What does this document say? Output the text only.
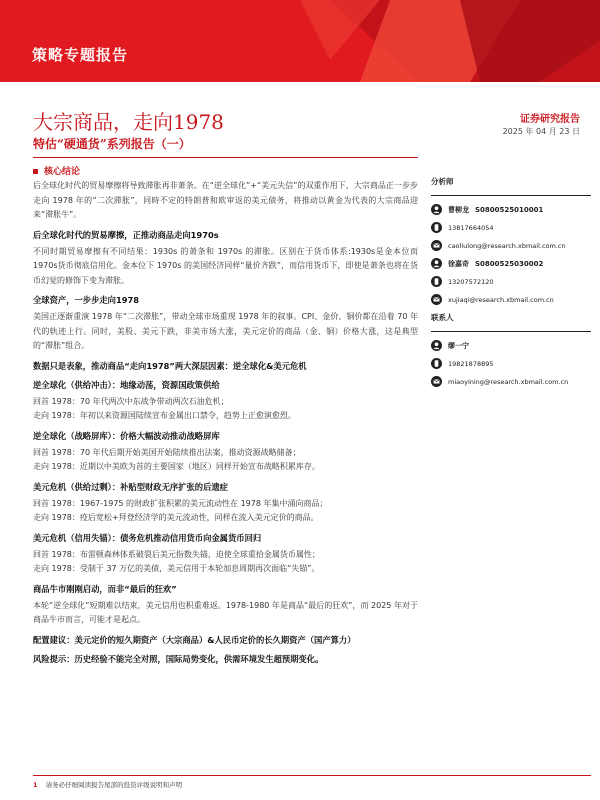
策略专题报告
大宗商品，走向1978	证券研究报告
2025 年 04 月 23 日
特估“硬通货”系列报告（一）
核心结论

后全球化时代的贸易摩擦将导致滞胀再非萧条。在“逆全球化”+“美元失信”的双重作用下，大宗商品正一步步走向 1978 年的“二次滞胀”，同時不定的特朗普和欧审返的美元债务，将推动以黄金为代表的大宗商品迎来“滞胀牛”。

后全球化时代的贸易摩擦，正推动商品走向1970s

不同时期贸易摩擦有不同结果：1930s 的萧条和 1970s 的滞胀。区别在于货币体系:1930s是金本位而1970s货币彻底信用化。金本位下 1970s 的美国经济同样“量价齐跌”，而信用货币下，即使是萧条也将在货币幻觉的修饰下变为滞胀。

全球资产，一步步走向1978

美国正逐渐重演 1978 年“二次滞胀”，带动全球市场重现 1978 年的叙事。CPI、金价、铜价都在沿着 70 年代的轨迹上行。同时，美股、美元下跌，非美市场大涨，美元定价的商品（金、铜）价格大涨，这是典型的“滞胀”组合。

数据只是表象，推动商品“走向1978”两大深层因素：逆全球化&美元危机
逆全球化（供给冲击）：地缘动荡，资源国政策供给

回首 1978：70 年代两次中东战争带动两次石油危机；

走向 1978：年初以来资源国陆续宣布金属出口禁令，趋势上正愈演愈烈。

逆全球化（战略屏库）：价格大幅波动推动战略屏库

回首 1978：70 年代后期开始美国开始陆续推出法案，推动资源战略储备；

走向 1978：近期以中美欧为首的主要国家（地区）同样开始宣布战略积累库存。

美元危机（供给过剩）：补贴型财政无序扩张的后遗症

回首 1978：1967-1975 的财政扩张积累的美元流动性在 1978 年集中涌向商品；

走向 1978：疫后宽松+拜登经济学的美元流动性，同样在流入美元定价的商品。

美元危机（信用失锚）：债务危机推动信用货币向金属货币回归

回首 1978：布雷顿森林体系破裂后美元指数失锚，迫使全球重拾金属货币属性；

走向 1978：受制于 37 万亿的美债，美元信用于本轮加息周期再次面临“失锚”。

商品牛市刚刚启动，而非“最后的狂欢”

本轮“逆全球化”短期难以结束，美元信用也积重难返。1978-1980 年是商品“最后的狂欢”，而 2025 年对于商品牛市而言，可能才是起点。

配置建议：美元定价的短久期资产（大宗商品）&人民币定价的长久期资产（国产算力）
风险提示：历史经验不能完全对照，国际局势变化，供需环境发生超预期变化。
分析师
曹柳龙 S0800525010001
13817664054
caoliulong@research.xbmail.com.cn
徐嘉奇 S0800525030002
13207572120
xujiaqi@research.xbmail.com.cn
联系人
缪一宁
19821878895
miaoyining@research.xbmail.com.cn
1 请务必仔细阅读报告尾部的投资评级说明和声明
